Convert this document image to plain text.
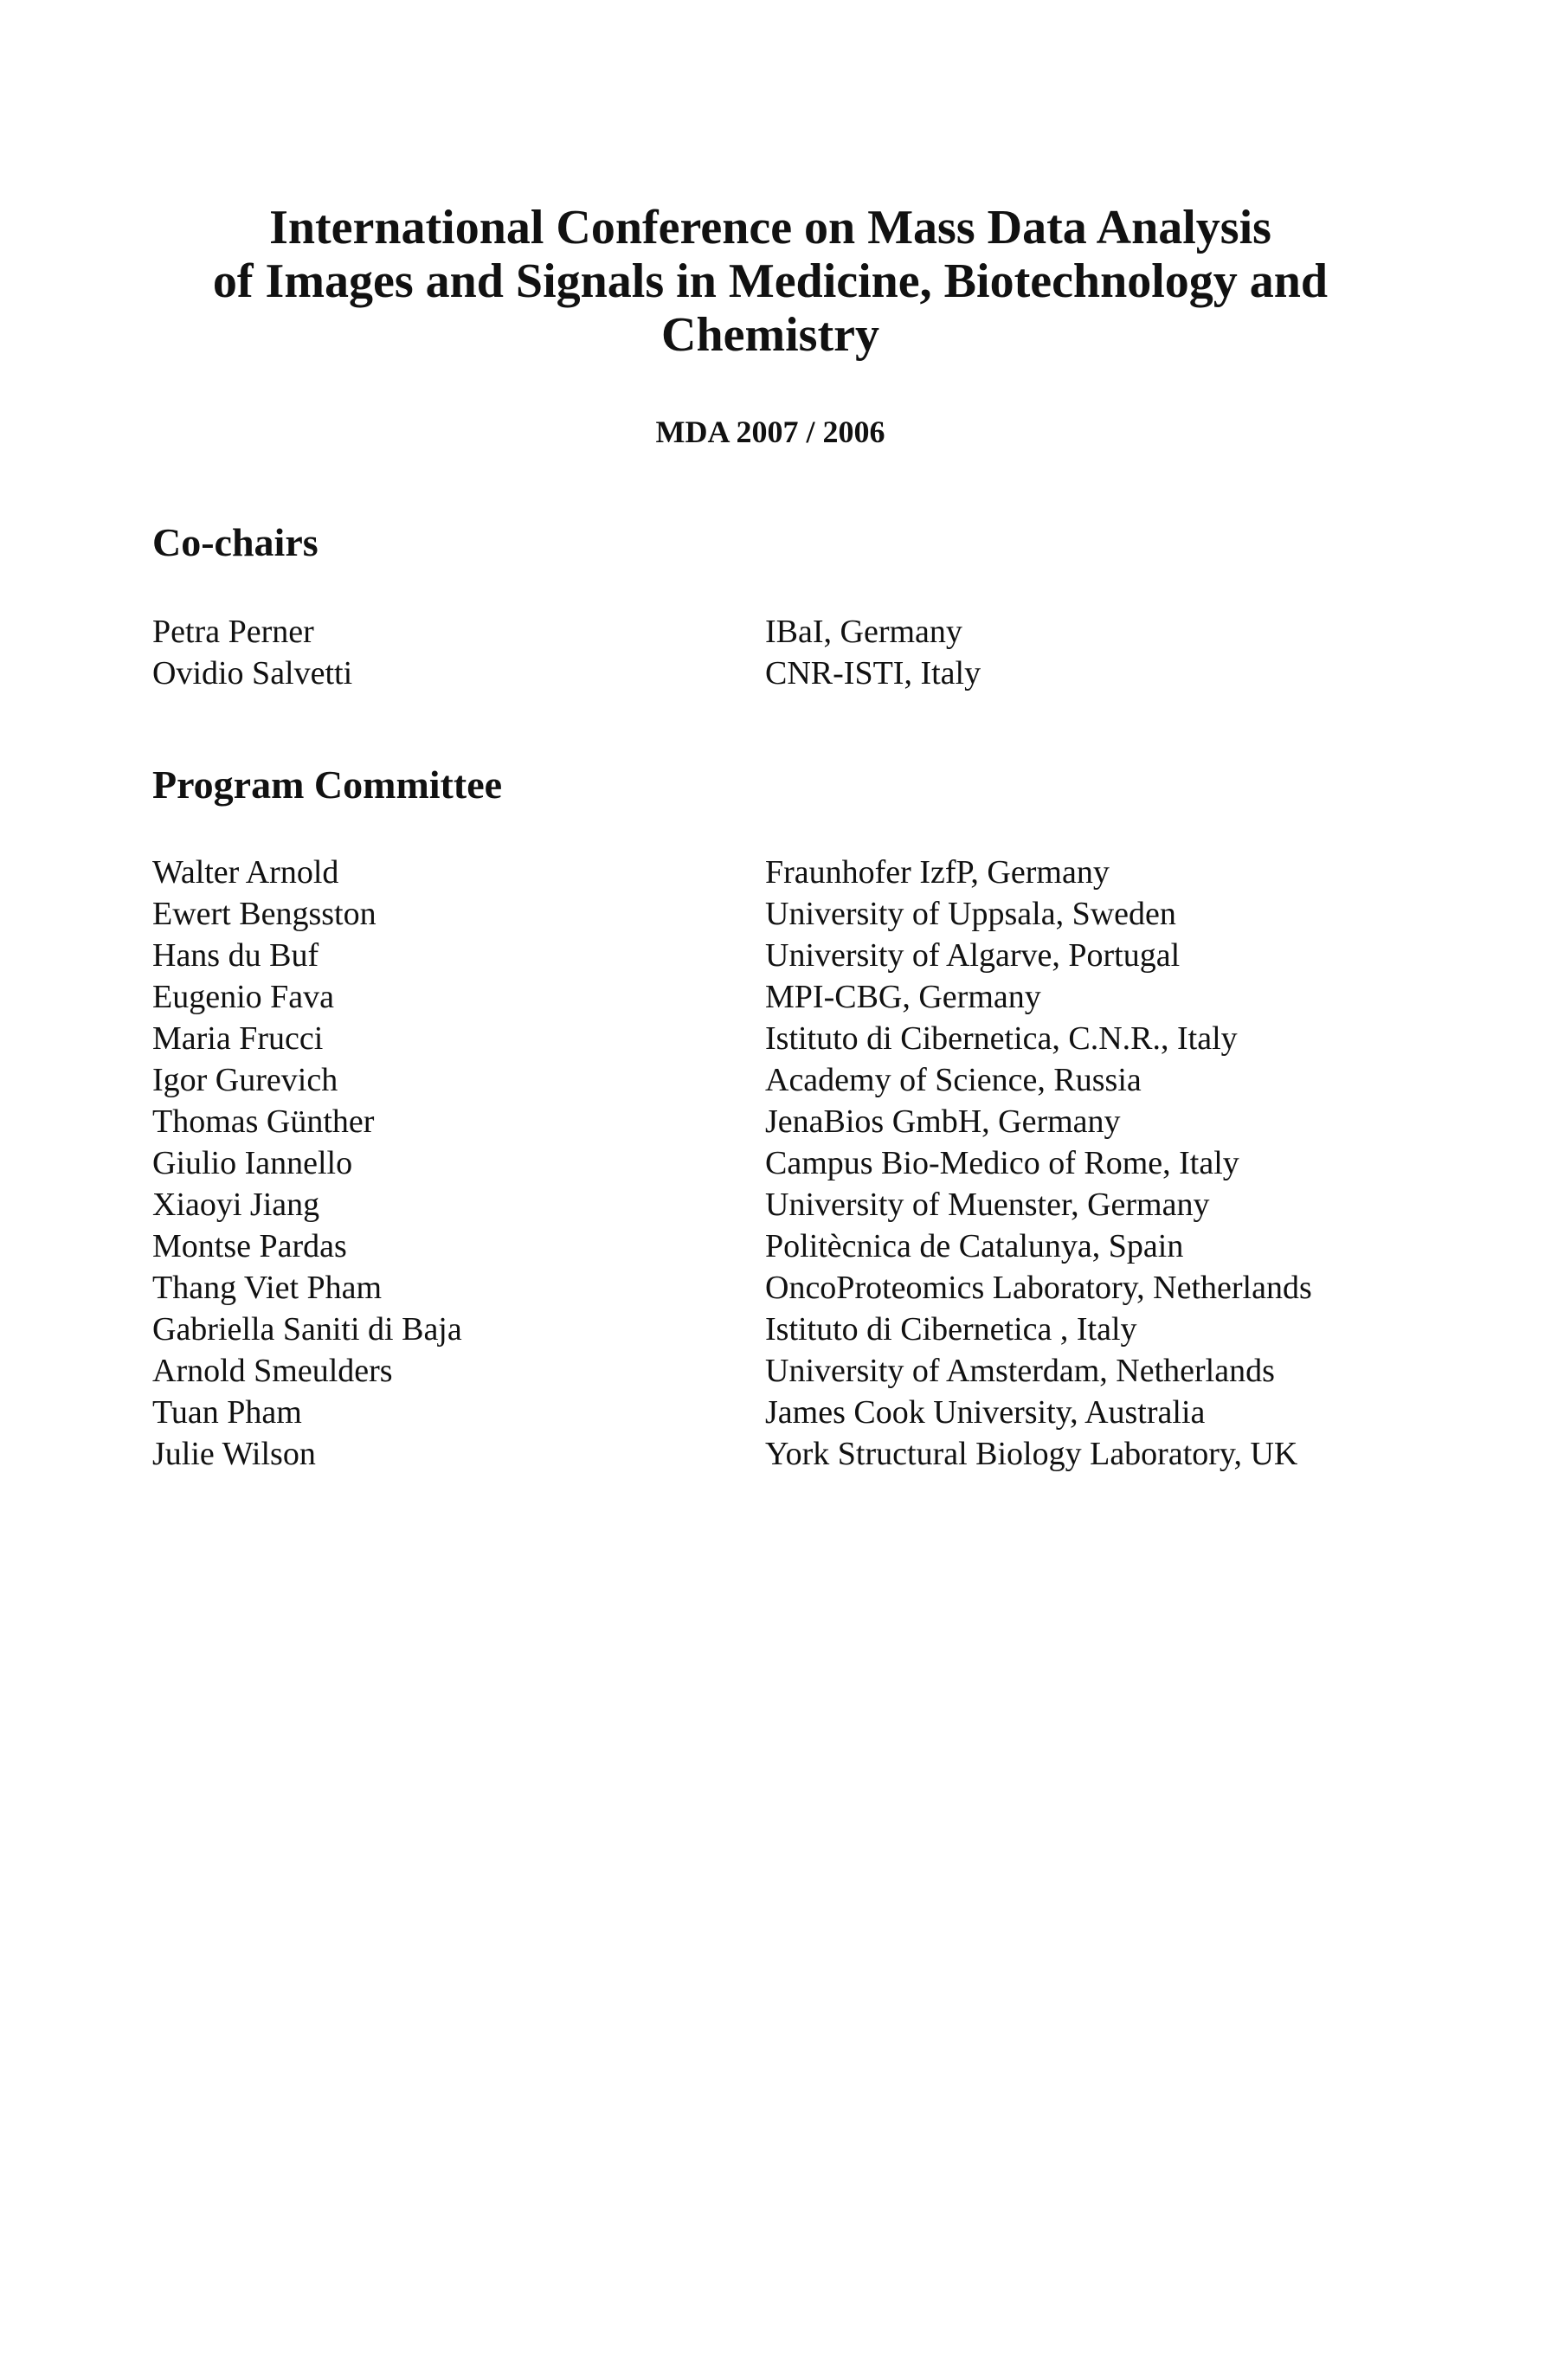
International Conference on Mass Data Analysis
of Images and Signals in Medicine, Biotechnology and
Chemistry
MDA 2007 / 2006
Co-chairs
Petra Perner	IBaI, Germany
Ovidio Salvetti	CNR-ISTI, Italy
Program Committee
Walter Arnold	Fraunhofer IzfP, Germany
Ewert Bengsston	University of Uppsala, Sweden
Hans du Buf	University of Algarve, Portugal
Eugenio Fava	MPI-CBG, Germany
Maria Frucci	Istituto di Cibernetica, C.N.R., Italy
Igor Gurevich	Academy of Science, Russia
Thomas Günther	JenaBios GmbH, Germany
Giulio Iannello	Campus Bio-Medico of Rome, Italy
Xiaoyi Jiang	University of Muenster, Germany
Montse Pardas	Politècnica de Catalunya, Spain
Thang Viet Pham	OncoProteomics Laboratory, Netherlands
Gabriella Saniti di Baja	Istituto di Cibernetica , Italy
Arnold Smeulders	University of Amsterdam, Netherlands
Tuan Pham	James Cook University, Australia
Julie Wilson	York Structural Biology Laboratory, UK
